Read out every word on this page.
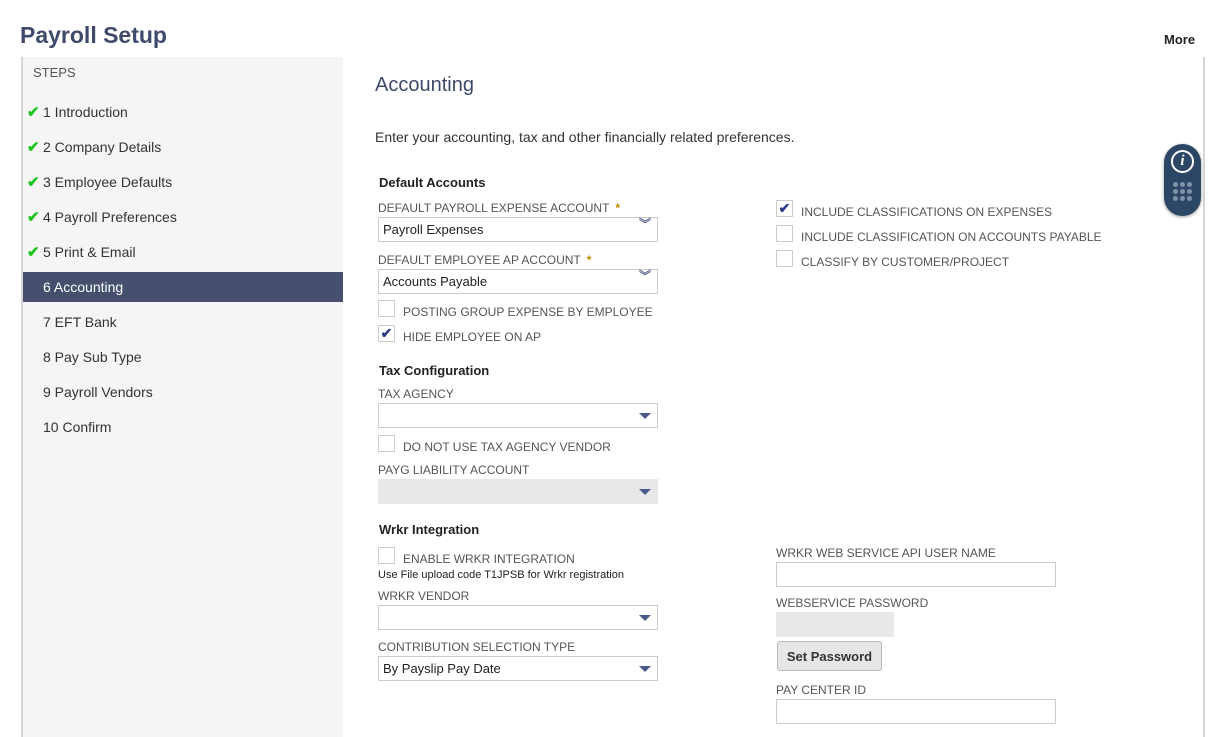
Payroll Setup	More
STEPS
✔ 1 Introduction
✔ 2 Company Details
✔ 3 Employee Defaults
✔ 4 Payroll Preferences
✔ 5 Print & Email
6 Accounting
7 EFT Bank
8 Pay Sub Type
9 Payroll Vendors
10 Confirm
Accounting
Enter your accounting, tax and other financially related preferences.
Default Accounts
DEFAULT PAYROLL EXPENSE ACCOUNT *
Payroll Expenses	︾
DEFAULT EMPLOYEE AP ACCOUNT *
Accounts Payable	︾
POSTING GROUP EXPENSE BY EMPLOYEE
✔ HIDE EMPLOYEE ON AP
✔ INCLUDE CLASSIFICATIONS ON EXPENSES
INCLUDE CLASSIFICATION ON ACCOUNTS PAYABLE
CLASSIFY BY CUSTOMER/PROJECT
Tax Configuration
TAX AGENCY
DO NOT USE TAX AGENCY VENDOR
PAYG LIABILITY ACCOUNT
Wrkr Integration
ENABLE WRKR INTEGRATION
Use File upload code T1JPSB for Wrkr registration
WRKR VENDOR
CONTRIBUTION SELECTION TYPE
By Payslip Pay Date
WRKR WEB SERVICE API USER NAME
WEBSERVICE PASSWORD
Set Password
PAY CENTER ID
i
